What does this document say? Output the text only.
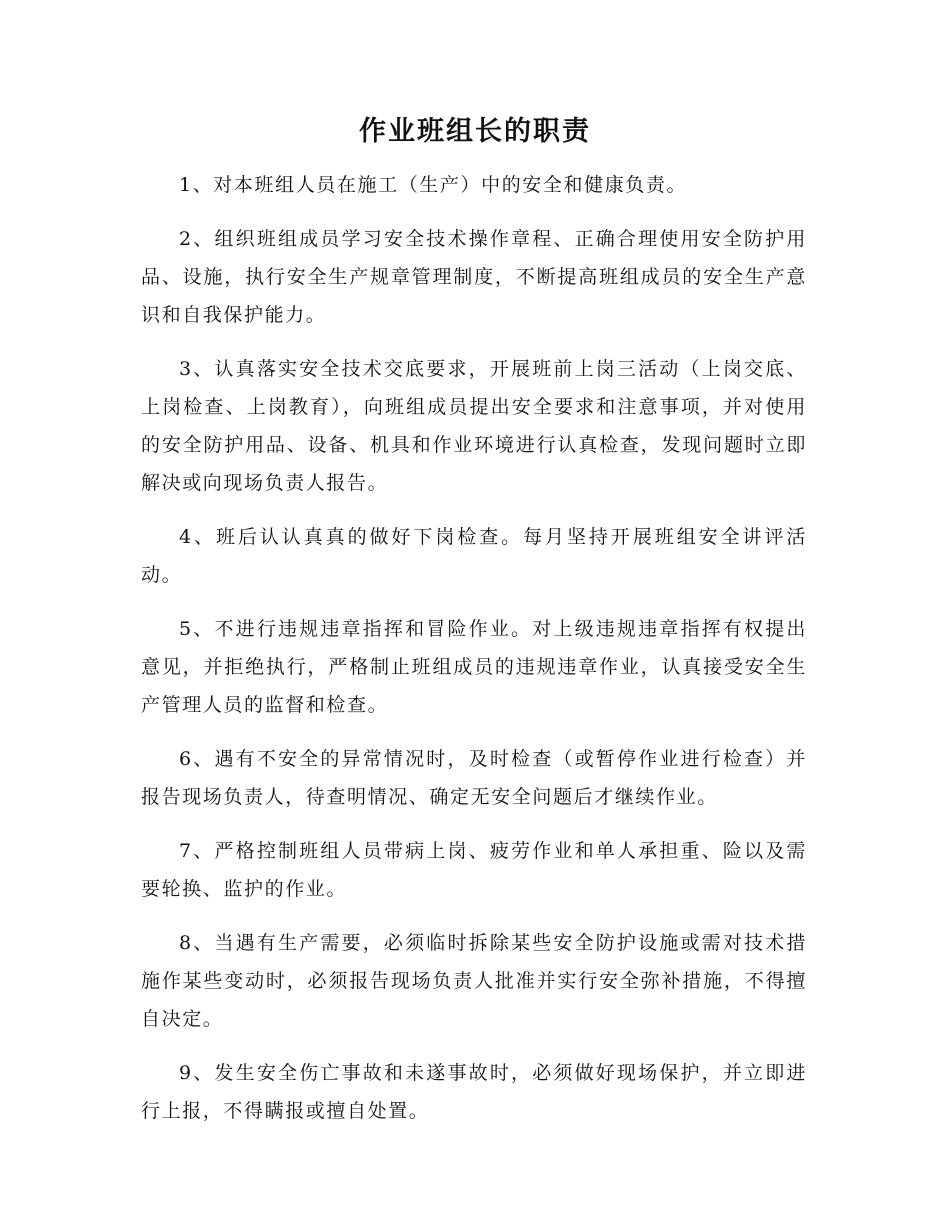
作业班组长的职责

1、对本班组人员在施工（生产）中的安全和健康负责。

2、组织班组成员学习安全技术操作章程、正确合理使用安全防护用品、设施，执行安全生产规章管理制度，不断提高班组成员的安全生产意识和自我保护能力。

3、认真落实安全技术交底要求，开展班前上岗三活动（上岗交底、上岗检查、上岗教育），向班组成员提出安全要求和注意事项，并对使用的安全防护用品、设备、机具和作业环境进行认真检查，发现问题时立即解决或向现场负责人报告。

4、班后认认真真的做好下岗检查。每月坚持开展班组安全讲评活动。

5、不进行违规违章指挥和冒险作业。对上级违规违章指挥有权提出意见，并拒绝执行，严格制止班组成员的违规违章作业，认真接受安全生产管理人员的监督和检查。

6、遇有不安全的异常情况时，及时检查（或暂停作业进行检查）并报告现场负责人，待查明情况、确定无安全问题后才继续作业。

7、严格控制班组人员带病上岗、疲劳作业和单人承担重、险以及需要轮换、监护的作业。

8、当遇有生产需要，必须临时拆除某些安全防护设施或需对技术措施作某些变动时，必须报告现场负责人批准并实行安全弥补措施，不得擅自决定。

9、发生安全伤亡事故和未遂事故时，必须做好现场保护，并立即进行上报，不得瞒报或擅自处置。
